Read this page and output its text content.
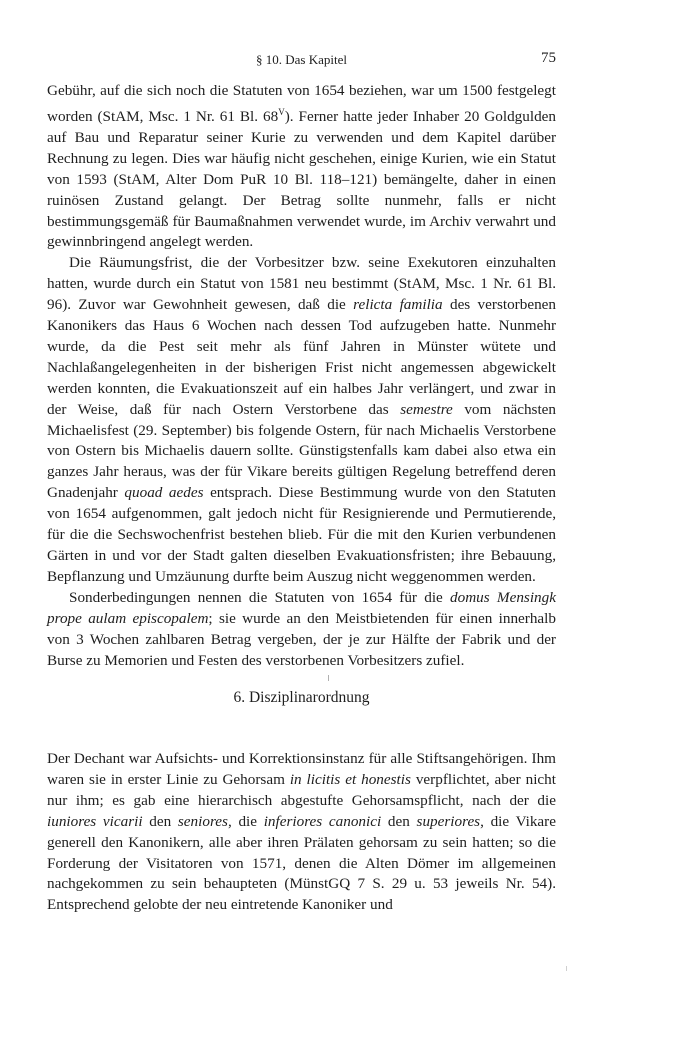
§ 10. Das Kapitel	75

Gebühr, auf die sich noch die Statuten von 1654 beziehen, war um 1500 festgelegt worden (StAM, Msc. 1 Nr. 61 Bl. $68^V$). Ferner hatte jeder Inhaber 20 Goldgulden auf Bau und Reparatur seiner Kurie zu verwenden und dem Kapitel darüber Rechnung zu legen. Dies war häufig nicht geschehen, einige Kurien, wie ein Statut von 1593 (StAM, Alter Dom PuR 10 Bl. 118–121) bemängelte, daher in einen ruinösen Zustand gelangt. Der Betrag sollte nunmehr, falls er nicht bestimmungsgemäß für Baumaßnahmen verwendet wurde, im Archiv verwahrt und gewinnbringend angelegt werden.

Die Räumungsfrist, die der Vorbesitzer bzw. seine Exekutoren einzuhalten hatten, wurde durch ein Statut von 1581 neu bestimmt (StAM, Msc. 1 Nr. 61 Bl. 96). Zuvor war Gewohnheit gewesen, daß die relicta familia des verstorbenen Kanonikers das Haus 6 Wochen nach dessen Tod aufzugeben hatte. Nunmehr wurde, da die Pest seit mehr als fünf Jahren in Münster wütete und Nachlaßangelegenheiten in der bisherigen Frist nicht angemessen abgewickelt werden konnten, die Evakuationszeit auf ein halbes Jahr verlängert, und zwar in der Weise, daß für nach Ostern Verstorbene das semestre vom nächsten Michaelisfest (29. September) bis folgende Ostern, für nach Michaelis Verstorbene von Ostern bis Michaelis dauern sollte. Günstigstenfalls kam dabei also etwa ein ganzes Jahr heraus, was der für Vikare bereits gültigen Regelung betreffend deren Gnadenjahr quoad aedes entsprach. Diese Bestimmung wurde von den Statuten von 1654 aufgenommen, galt jedoch nicht für Resignierende und Permutierende, für die die Sechswochenfrist bestehen blieb. Für die mit den Kurien verbundenen Gärten in und vor der Stadt galten dieselben Evakuationsfristen; ihre Bebauung, Bepflanzung und Umzäunung durfte beim Auszug nicht weggenommen werden.

Sonderbedingungen nennen die Statuten von 1654 für die domus Mensingk prope aulam episcopalem; sie wurde an den Meistbietenden für einen innerhalb von 3 Wochen zahlbaren Betrag vergeben, der je zur Hälfte der Fabrik und der Burse zu Memorien und Festen des verstorbenen Vorbesitzers zufiel.

6. Disziplinarordnung

Der Dechant war Aufsichts- und Korrektionsinstanz für alle Stiftsangehörigen. Ihm waren sie in erster Linie zu Gehorsam in licitis et honestis verpflichtet, aber nicht nur ihm; es gab eine hierarchisch abgestufte Gehorsamspflicht, nach der die iuniores vicarii den seniores, die inferiores canonici den superiores, die Vikare generell den Kanonikern, alle aber ihren Prälaten gehorsam zu sein hatten; so die Forderung der Visitatoren von 1571, denen die Alten Dömer im allgemeinen nachgekommen zu sein behaupteten (MünstGQ 7 S. 29 u. 53 jeweils Nr. 54). Entsprechend gelobte der neu eintretende Kanoniker und
